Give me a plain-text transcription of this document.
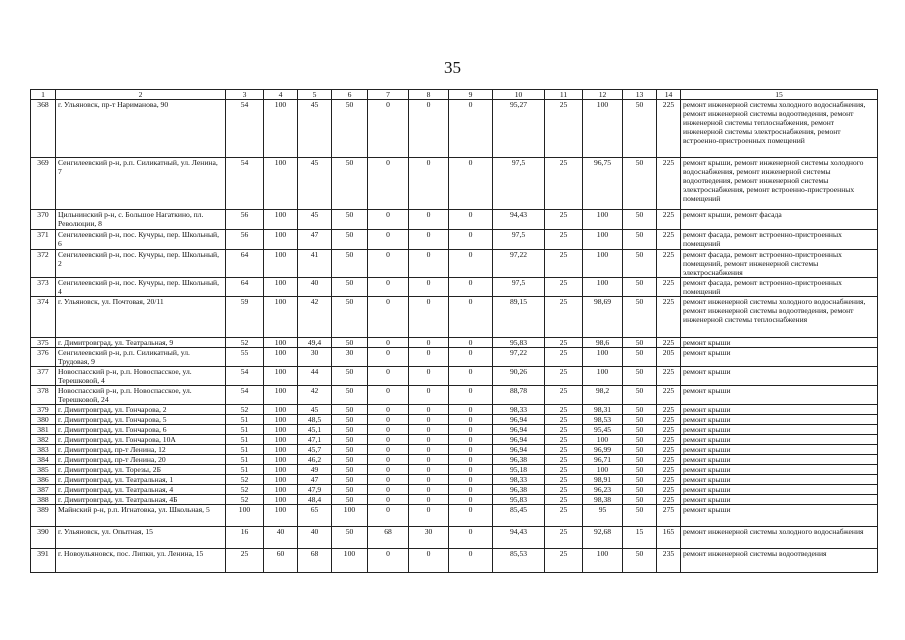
35
1	2	3	4	5	6	7	8	9	10	11	12	13	14	15
368	г. Ульяновск, пр-т Нариманова, 90	54	100	45	50	0	0	0	95,27	25	100	50	225	ремонт инженерной системы холодного водоснабжения, ремонт инженерной системы водоотведения, ремонт инженерной системы теплоснабжения, ремонт инженерной системы электроснабжения, ремонт встроенно-пристроенных помещений
369	Сенгилеевский р-н, р.п. Силикатный, ул. Ленина, 7	54	100	45	50	0	0	0	97,5	25	96,75	50	225	ремонт крыши, ремонт инженерной системы холодного водоснабжения, ремонт инженерной системы водоотведения, ремонт инженерной системы электроснабжения, ремонт встроенно-пристроенных помещений
370	Цильнинский р-н, с. Большое Нагаткино, пл. Революции, 8	56	100	45	50	0	0	0	94,43	25	100	50	225	ремонт крыши, ремонт фасада
371	Сенгилеевский р-н, пос. Кучуры, пер. Школьный, 6	56	100	47	50	0	0	0	97,5	25	100	50	225	ремонт фасада, ремонт встроенно-пристроенных помещений
372	Сенгилеевский р-н, пос. Кучуры, пер. Школьный, 2	64	100	41	50	0	0	0	97,22	25	100	50	225	ремонт фасада, ремонт встроенно-пристроенных помещений, ремонт инженерной системы электроснабжения
373	Сенгилеевский р-н, пос. Кучуры, пер. Школьный, 4	64	100	40	50	0	0	0	97,5	25	100	50	225	ремонт фасада, ремонт встроенно-пристроенных помещений
374	г. Ульяновск, ул. Почтовая, 20/11	59	100	42	50	0	0	0	89,15	25	98,69	50	225	ремонт инженерной системы холодного водоснабжения, ремонт инженерной системы водоотведения, ремонт инженерной системы теплоснабжения
375	г. Димитровград, ул. Театральная, 9	52	100	49,4	50	0	0	0	95,83	25	98,6	50	225	ремонт крыши
376	Сенгилеевский р-н, р.п. Силикатный, ул. Трудовая, 9	55	100	30	30	0	0	0	97,22	25	100	50	205	ремонт крыши
377	Новоспасский р-н, р.п. Новоспасское, ул. Терешковой, 4	54	100	44	50	0	0	0	90,26	25	100	50	225	ремонт крыши
378	Новоспасский р-н, р.п. Новоспасское, ул. Терешковой, 24	54	100	42	50	0	0	0	88,78	25	98,2	50	225	ремонт крыши
379	г. Димитровград, ул. Гончарова, 2	52	100	45	50	0	0	0	98,33	25	98,31	50	225	ремонт крыши
380	г. Димитровград, ул. Гончарова, 5	51	100	48,5	50	0	0	0	96,94	25	98,53	50	225	ремонт крыши
381	г. Димитровград, ул. Гончарова, 6	51	100	45,1	50	0	0	0	96,94	25	95,45	50	225	ремонт крыши
382	г. Димитровград, ул. Гончарова, 10А	51	100	47,1	50	0	0	0	96,94	25	100	50	225	ремонт крыши
383	г. Димитровград, пр-т Ленина, 12	51	100	45,7	50	0	0	0	96,94	25	96,99	50	225	ремонт крыши
384	г. Димитровград, пр-т Ленина, 20	51	100	46,2	50	0	0	0	96,38	25	96,71	50	225	ремонт крыши
385	г. Димитровград, ул. Торезы, 2Б	51	100	49	50	0	0	0	95,18	25	100	50	225	ремонт крыши
386	г. Димитровград, ул. Театральная, 1	52	100	47	50	0	0	0	98,33	25	98,91	50	225	ремонт крыши
387	г. Димитровград, ул. Театральная, 4	52	100	47,9	50	0	0	0	96,38	25	96,23	50	225	ремонт крыши
388	г. Димитровград, ул. Театральная, 4Б	52	100	48,4	50	0	0	0	95,83	25	98,38	50	225	ремонт крыши
389	Майнский р-н, р.п. Игнатовка, ул. Школьная, 5	100	100	65	100	0	0	0	85,45	25	95	50	275	ремонт крыши
390	г. Ульяновск, ул. Опытная, 15	16	40	40	50	68	30	0	94,43	25	92,68	15	165	ремонт инженерной системы холодного водоснабжения
391	г. Новоульяновск, пос. Липки, ул. Ленина, 15	25	60	68	100	0	0	0	85,53	25	100	50	235	ремонт инженерной системы водоотведения
